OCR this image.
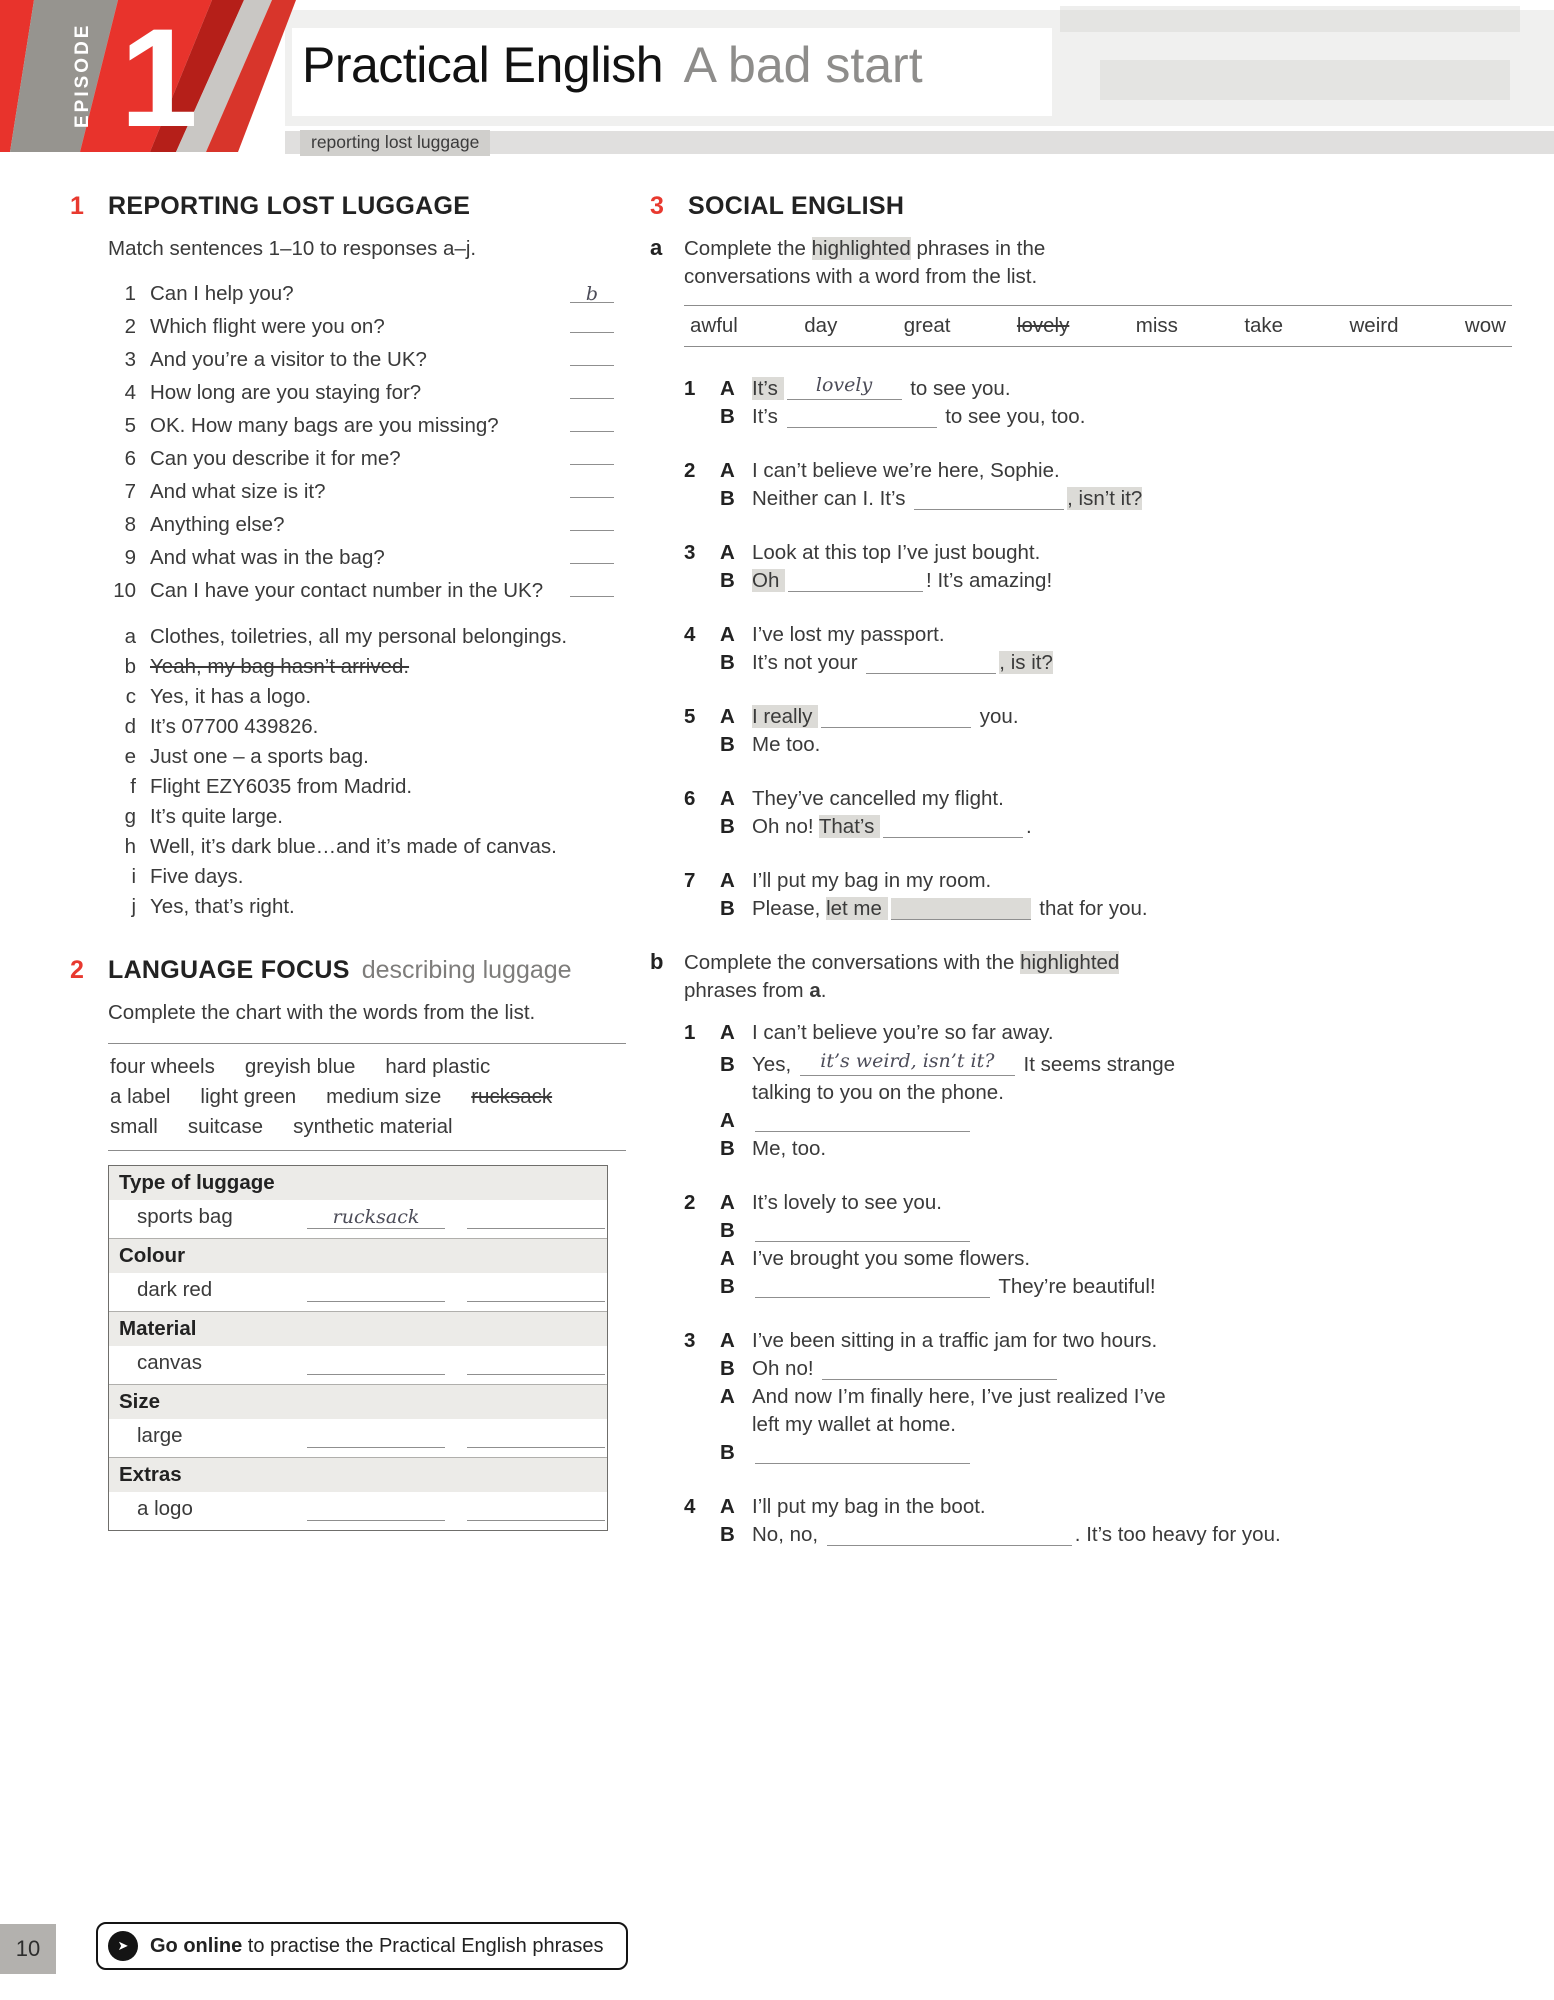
EPISODE 1 Practical English A bad start
reporting lost luggage
1 REPORTING LOST LUGGAGE
Match sentences 1–10 to responses a–j.
1 Can I help you?	b
2 Which flight were you on?
3 And you’re a visitor to the UK?
4 How long are you staying for?
5 OK. How many bags are you missing?
6 Can you describe it for me?
7 And what size is it?
8 Anything else?
9 And what was in the bag?
10 Can I have your contact number in the UK?
a Clothes, toiletries, all my personal belongings.
b Yeah, my bag hasn’t arrived.
c Yes, it has a logo.
d It’s 07700 439826.
e Just one – a sports bag.
f Flight EZY6035 from Madrid.
g It’s quite large.
h Well, it’s dark blue…and it’s made of canvas.
i Five days.
j Yes, that’s right.
2 LANGUAGE FOCUS describing luggage
Complete the chart with the words from the list.
four wheels greyish blue hard plastic
a label light green medium size rucksack
small suitcase synthetic material
Type of luggage
sports bag	rucksack
Colour
dark red
Material
canvas
Size
large
Extras
a logo
3 SOCIAL ENGLISH
a	Complete the highlighted phrases in the
conversations with a word from the list.
awful	day	great	lovely	miss	take	weird	wow
1	A It’s lovely to see you.
B It’s	to see you, too.
2	A I can’t believe we’re here, Sophie.
B Neither can I. It’s	, isn’t it?
3	A Look at this top I’ve just bought.
B Oh	! It’s amazing!
4	A I’ve lost my passport.
B It’s not your	, is it?
5	A I really	you.
B Me too.
6	A They’ve cancelled my flight.
B Oh no! That’s	.
7	A I’ll put my bag in my room.
B Please, let me	that for you.
b	Complete the conversations with the highlighted
phrases from a.
1	A I can’t believe you’re so far away.
B Yes, it’s weird, isn’t it? It seems strange
talking to you on the phone.
A
B Me, too.
2	A It’s lovely to see you.
B
A I’ve brought you some flowers.
B	They’re beautiful!
3	A I’ve been sitting in a traffic jam for two hours.
B Oh no!
A And now I’m finally here, I’ve just realized I’ve
left my wallet at home.
B
4	A I’ll put my bag in the boot.
B No, no,	. It’s too heavy for you.
10	➤	Go online to practise the Practical English phrases
